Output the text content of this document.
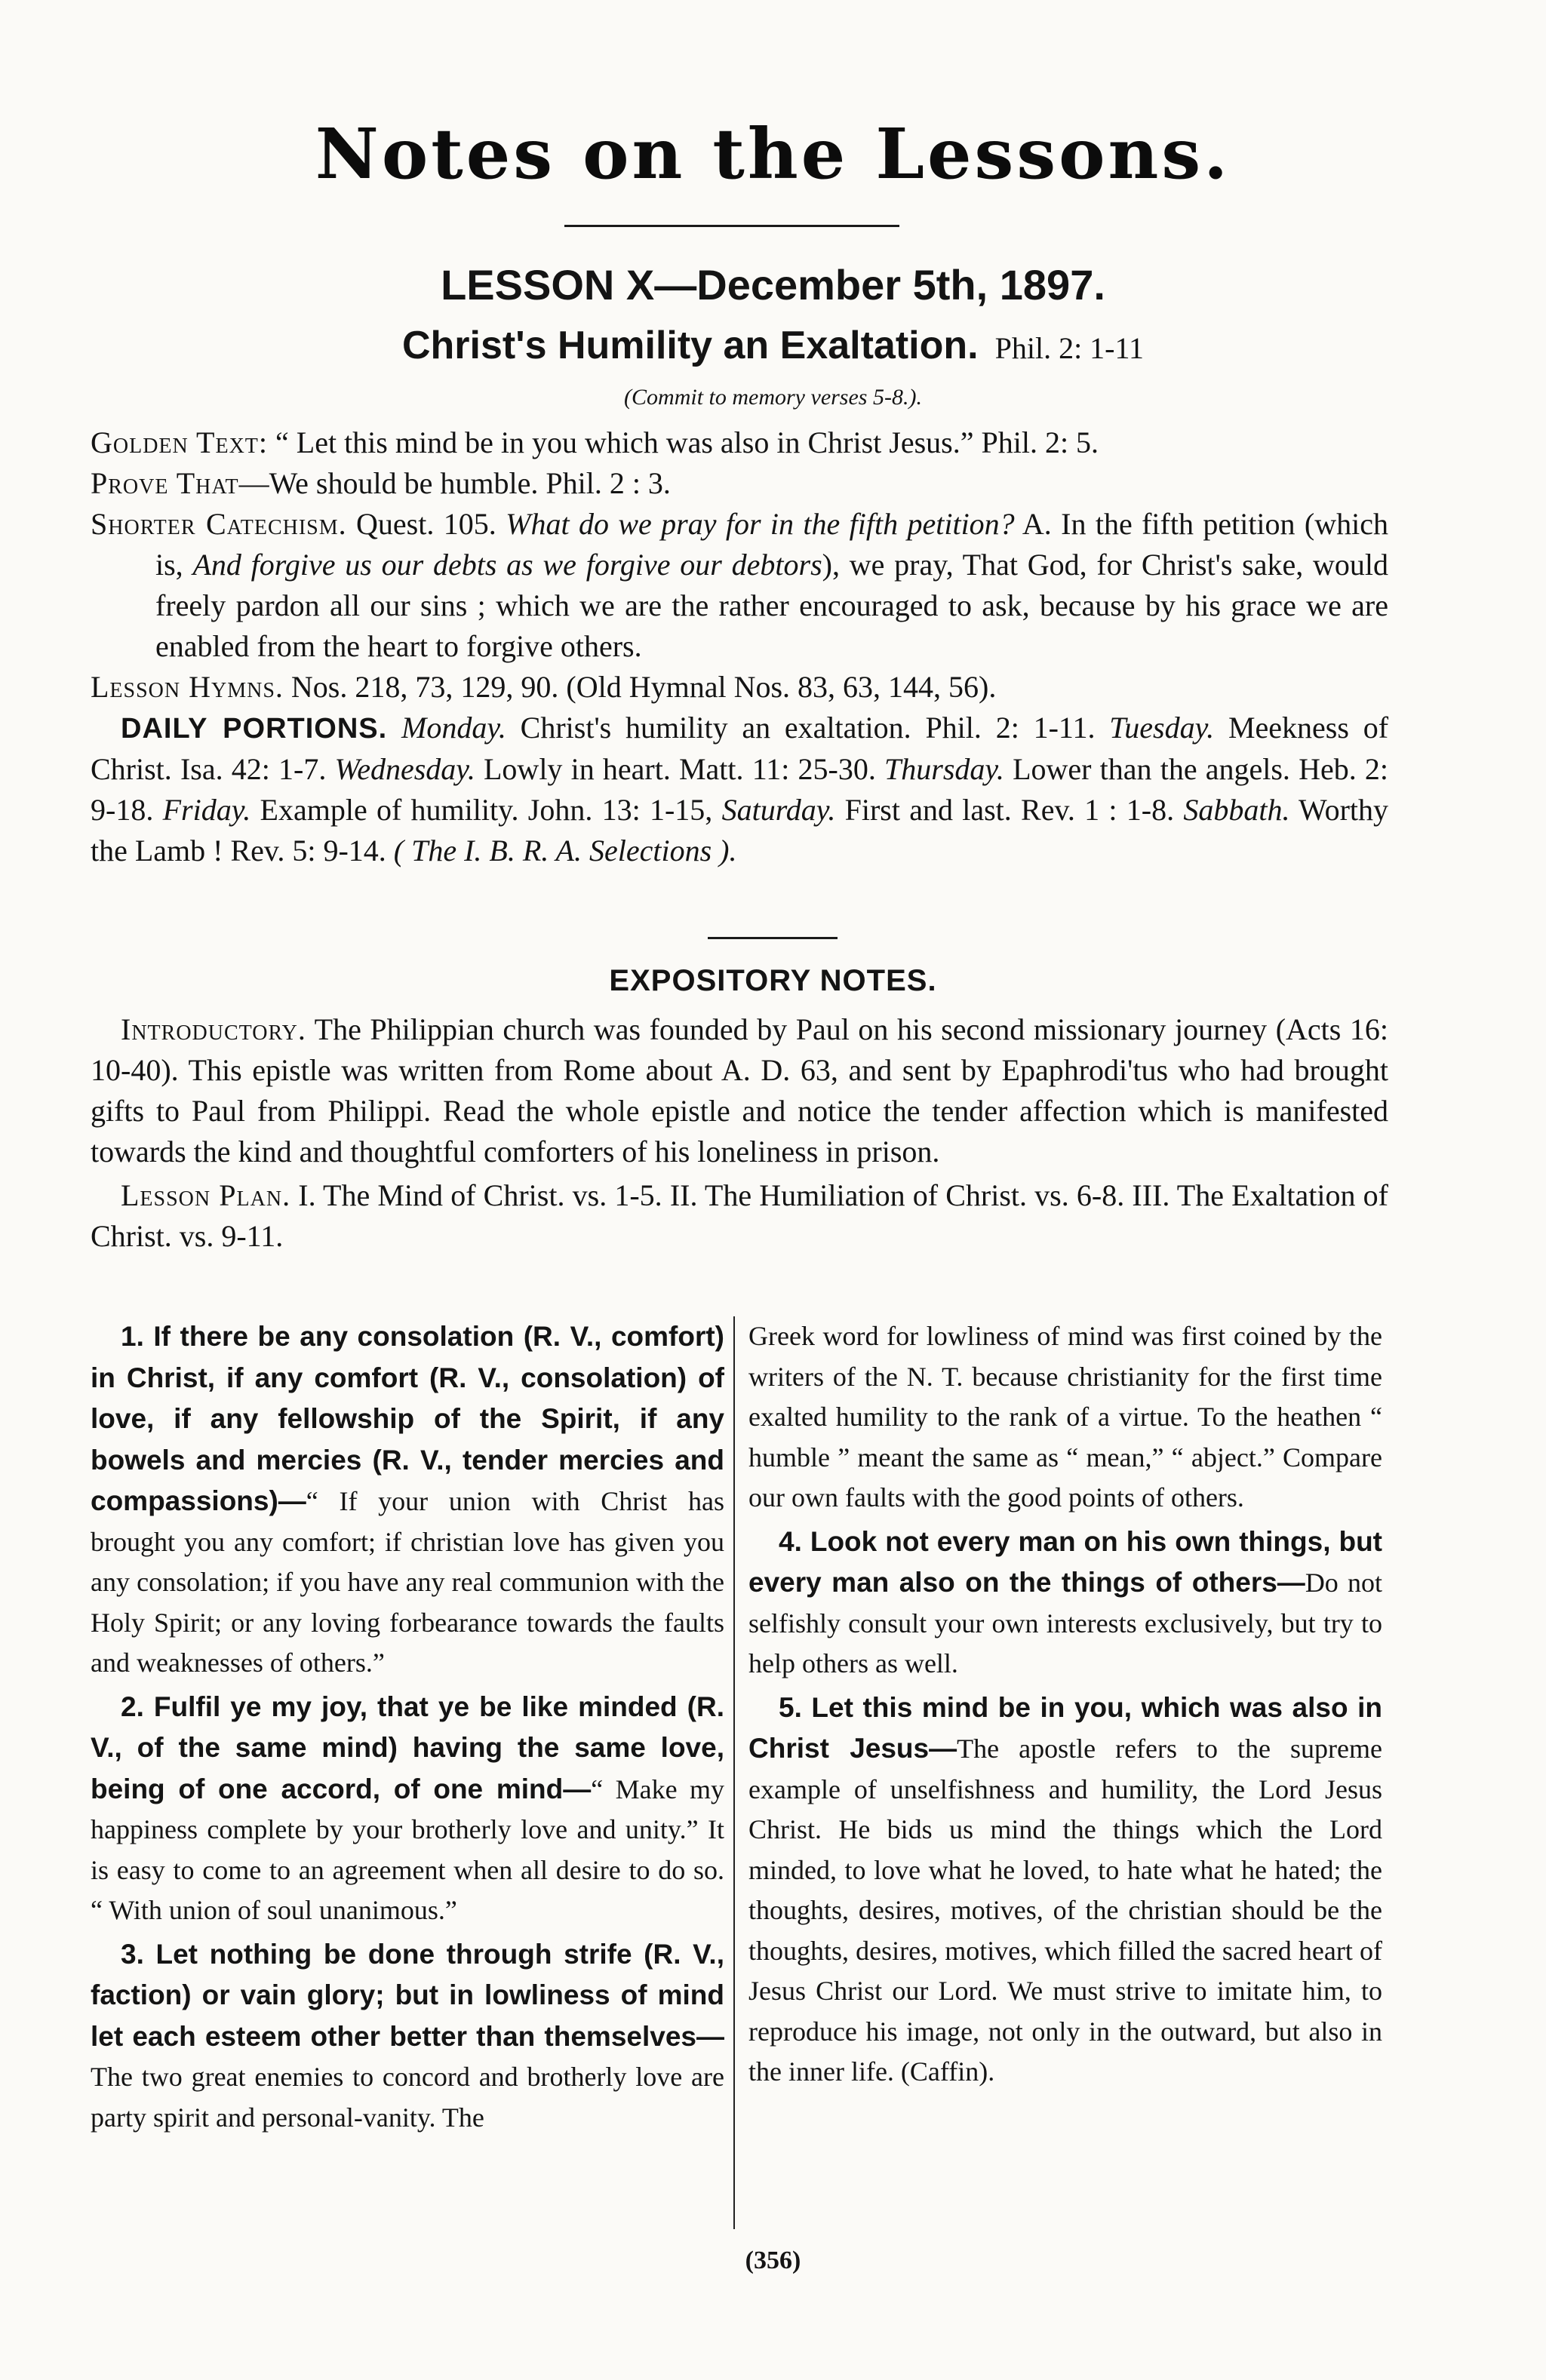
Notes on the Lessons.
LESSON X—December 5th, 1897.
Christ's Humility an Exaltation. Phil. 2: 1-11
(Commit to memory verses 5-8.).
Golden Text: “ Let this mind be in you which was also in Christ Jesus.” Phil. 2: 5.
Prove That—We should be humble. Phil. 2 : 3.
Shorter Catechism. Quest. 105. What do we pray for in the fifth petition? A. In the fifth petition (which is, And forgive us our debts as we forgive our debtors), we pray, That God, for Christ's sake, would freely pardon all our sins ; which we are the rather encouraged to ask, because by his grace we are enabled from the heart to forgive others.
Lesson Hymns. Nos. 218, 73, 129, 90. (Old Hymnal Nos. 83, 63, 144, 56).
DAILY PORTIONS. Monday. Christ's humility an exaltation. Phil. 2: 1-11. Tuesday. Meekness of Christ. Isa. 42: 1-7. Wednesday. Lowly in heart. Matt. 11: 25-30. Thursday. Lower than the angels. Heb. 2: 9-18. Friday. Example of humility. John. 13: 1-15, Saturday. First and last. Rev. 1 : 1-8. Sabbath. Worthy the Lamb ! Rev. 5: 9-14. ( The I. B. R. A. Selections ).
EXPOSITORY NOTES.
Introductory. The Philippian church was founded by Paul on his second missionary journey (Acts 16: 10-40). This epistle was written from Rome about A. D. 63, and sent by Epaphrodi'tus who had brought gifts to Paul from Philippi. Read the whole epistle and notice the tender affection which is manifested towards the kind and thoughtful comforters of his loneliness in prison.
Lesson Plan. I. The Mind of Christ. vs. 1-5. II. The Humiliation of Christ. vs. 6-8. III. The Exaltation of Christ. vs. 9-11.

1. If there be any consolation (R. V., comfort) in Christ, if any comfort (R. V., consolation) of love, if any fellowship of the Spirit, if any bowels and mercies (R. V., tender mercies and compassions)—“ If your union with Christ has brought you any comfort; if christian love has given you any consolation; if you have any real communion with the Holy Spirit; or any loving forbearance towards the faults and weaknesses of others.”

2. Fulfil ye my joy, that ye be like minded (R. V., of the same mind) having the same love, being of one accord, of one mind—“ Make my happiness complete by your brotherly love and unity.” It is easy to come to an agreement when all desire to do so. “ With union of soul unanimous.”

3. Let nothing be done through strife (R. V., faction) or vain glory; but in lowliness of mind let each esteem other better than themselves—The two great enemies to concord and brotherly love are party spirit and personal-vanity. The

Greek word for lowliness of mind was first coined by the writers of the N. T. because christianity for the first time exalted humility to the rank of a virtue. To the heathen “ humble ” meant the same as “ mean,” “ abject.” Compare our own faults with the good points of others.

4. Look not every man on his own things, but every man also on the things of others—Do not selfishly consult your own interests exclusively, but try to help others as well.

5. Let this mind be in you, which was also in Christ Jesus—The apostle refers to the supreme example of unselfishness and humility, the Lord Jesus Christ. He bids us mind the things which the Lord minded, to love what he loved, to hate what he hated; the thoughts, desires, motives, of the christian should be the thoughts, desires, motives, which filled the sacred heart of Jesus Christ our Lord. We must strive to imitate him, to reproduce his image, not only in the outward, but also in the inner life. (Caffin).

(356)
